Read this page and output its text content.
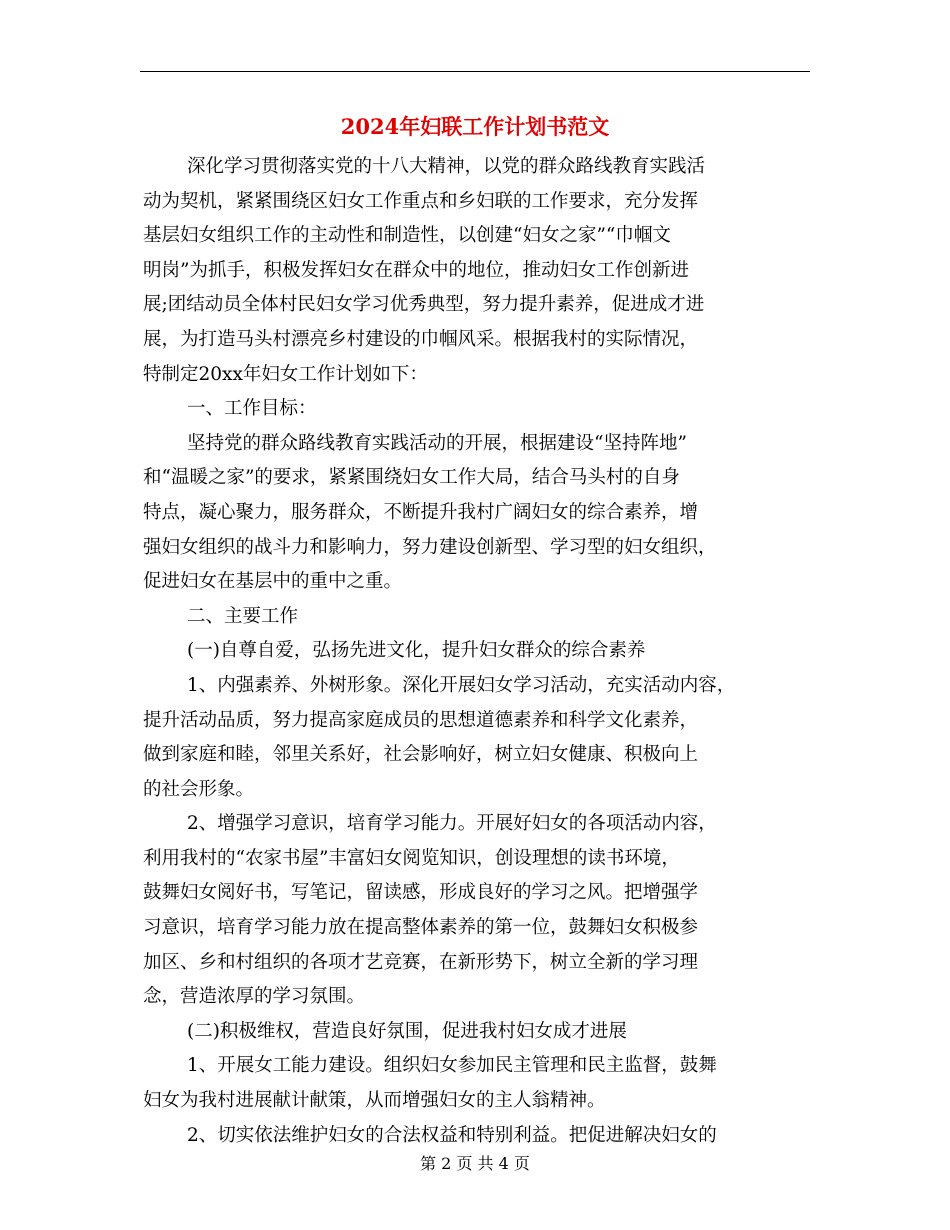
2024年妇联工作计划书范文
深化学习贯彻落实党的十八大精神，以党的群众路线教育实践活
动为契机，紧紧围绕区妇女工作重点和乡妇联的工作要求，充分发挥
基层妇女组织工作的主动性和制造性，以创建“妇女之家”“巾帼文
明岗”为抓手，积极发挥妇女在群众中的地位，推动妇女工作创新进
展;团结动员全体村民妇女学习优秀典型，努力提升素养，促进成才进
展，为打造马头村漂亮乡村建设的巾帼风采。根据我村的实际情况，
特制定20xx年妇女工作计划如下：
一、工作目标：
坚持党的群众路线教育实践活动的开展，根据建设“坚持阵地”
和“温暖之家”的要求，紧紧围绕妇女工作大局，结合马头村的自身
特点，凝心聚力，服务群众，不断提升我村广阔妇女的综合素养，增
强妇女组织的战斗力和影响力，努力建设创新型、学习型的妇女组织，
促进妇女在基层中的重中之重。
二、主要工作
(一)自尊自爱，弘扬先进文化，提升妇女群众的综合素养
1、内强素养、外树形象。深化开展妇女学习活动，充实活动内容，
提升活动品质，努力提高家庭成员的思想道德素养和科学文化素养，
做到家庭和睦，邻里关系好，社会影响好，树立妇女健康、积极向上
的社会形象。
2、增强学习意识，培育学习能力。开展好妇女的各项活动内容，
利用我村的“农家书屋”丰富妇女阅览知识，创设理想的读书环境，
鼓舞妇女阅好书，写笔记，留读感，形成良好的学习之风。把增强学
习意识，培育学习能力放在提高整体素养的第一位，鼓舞妇女积极参
加区、乡和村组织的各项才艺竞赛，在新形势下，树立全新的学习理
念，营造浓厚的学习氛围。
(二)积极维权，营造良好氛围，促进我村妇女成才进展
1、开展女工能力建设。组织妇女参加民主管理和民主监督，鼓舞
妇女为我村进展献计献策，从而增强妇女的主人翁精神。
2、切实依法维护妇女的合法权益和特别利益。把促进解决妇女的
第 2 页 共 4 页
